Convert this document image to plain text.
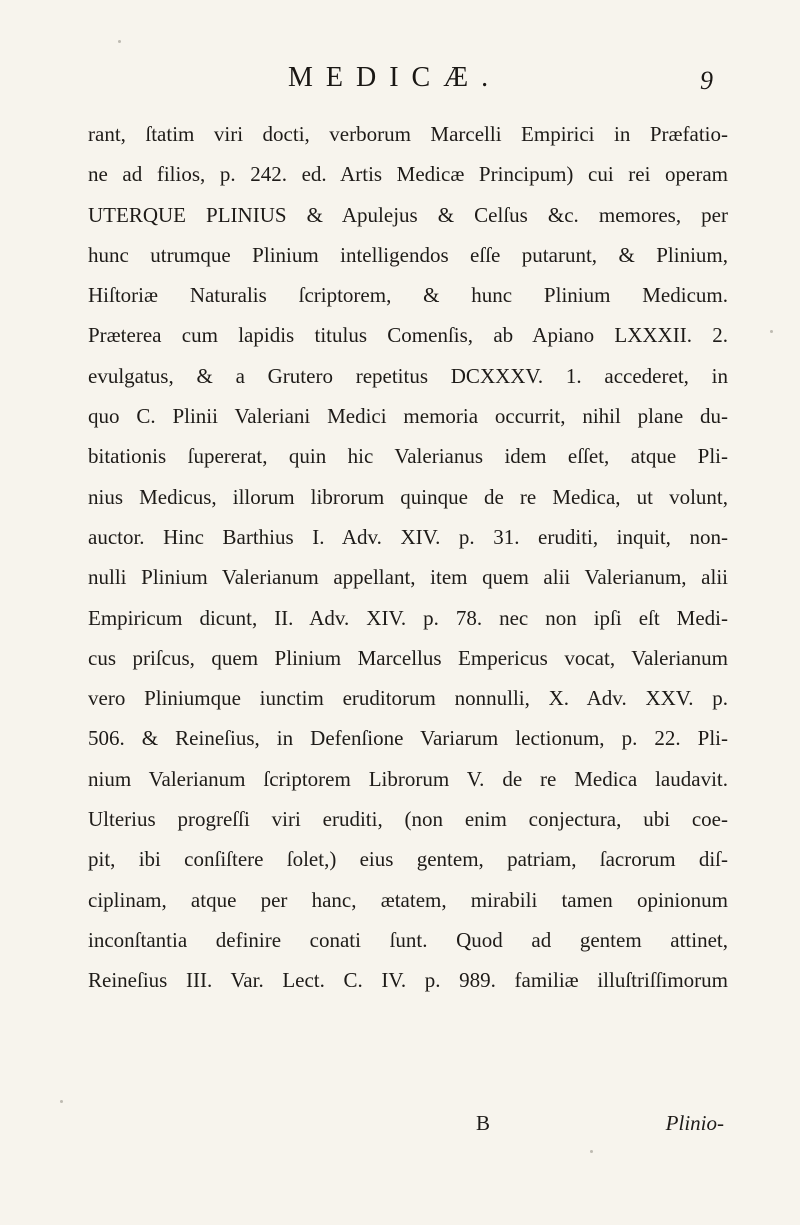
MEDICÆ.	9
rant, ſtatim viri docti, verborum Marcelli Empirici in Præfatio-
ne ad filios, p. 242. ed. Artis Medicæ Principum) cui rei operam
UTERQUE PLINIUS & Apulejus & Celſus &c. memores, per
hunc utrumque Plinium intelligendos eſſe putarunt, & Plinium,
Hiſtoriæ Naturalis ſcriptorem, & hunc Plinium Medicum.
Præterea cum lapidis titulus Comenſis, ab Apiano LXXXII. 2.
evulgatus, & a Grutero repetitus DCXXXV. 1. accederet, in
quo C. Plinii Valeriani Medici memoria occurrit, nihil plane du-
bitationis ſupererat, quin hic Valerianus idem eſſet, atque Pli-
nius Medicus, illorum librorum quinque de re Medica, ut volunt,
auctor. Hinc Barthius I. Adv. XIV. p. 31. eruditi, inquit, non-
nulli Plinium Valerianum appellant, item quem alii Valerianum, alii
Empiricum dicunt, II. Adv. XIV. p. 78. nec non ipſi eſt Medi-
cus priſcus, quem Plinium Marcellus Empericus vocat, Valerianum
vero Pliniumque iunctim eruditorum nonnulli, X. Adv. XXV. p.
506. & Reineſius, in Defenſione Variarum lectionum, p. 22. Pli-
nium Valerianum ſcriptorem Librorum V. de re Medica laudavit.
Ulterius progreſſi viri eruditi, (non enim conjectura, ubi coe-
pit, ibi conſiſtere ſolet,) eius gentem, patriam, ſacrorum diſ-
ciplinam, atque per hanc, ætatem, mirabili tamen opinionum
inconſtantia definire conati ſunt. Quod ad gentem attinet,
Reineſius III. Var. Lect. C. IV. p. 989. familiæ illuſtriſſimorum
B	Plinio-
